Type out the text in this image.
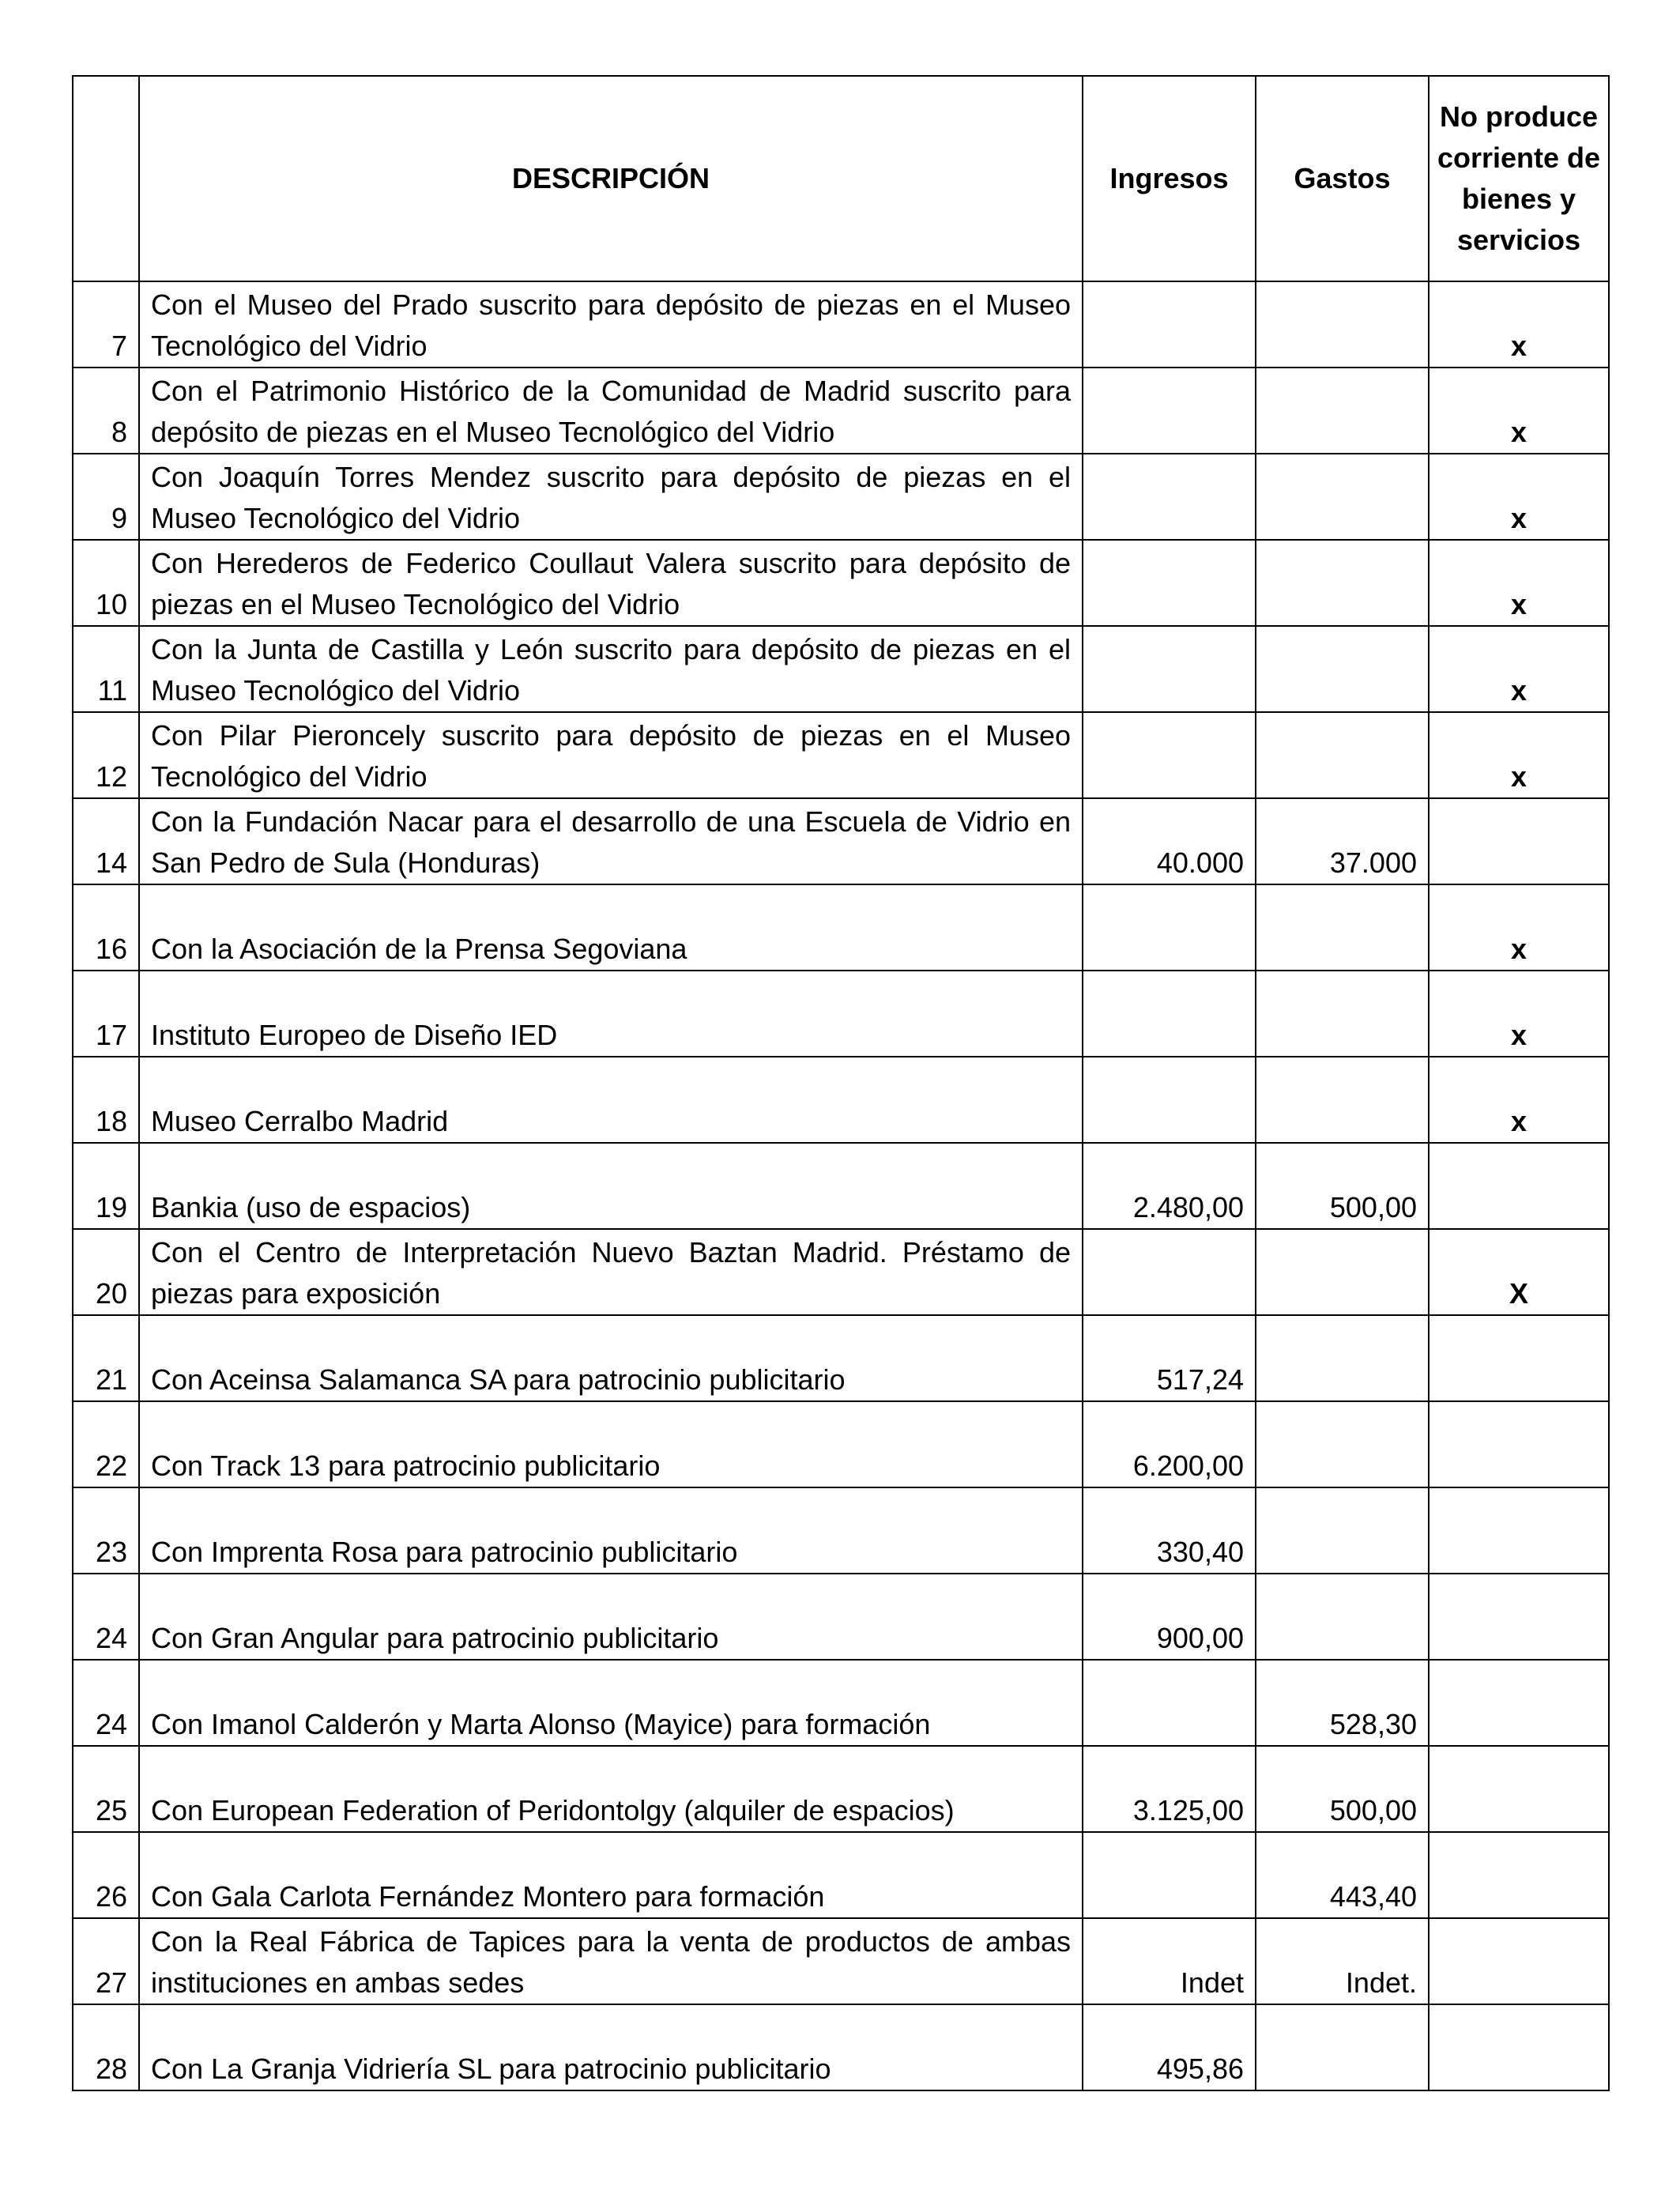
	DESCRIPCIÓN	Ingresos	Gastos	No produce corriente de bienes y servicios
7	Con el Museo del Prado suscrito para depósito de piezas en el Museo Tecnológico del Vidrio			x
8	Con el Patrimonio Histórico de la Comunidad de Madrid suscrito para depósito de piezas en el Museo Tecnológico del Vidrio			x
9	Con Joaquín Torres Mendez suscrito para depósito de piezas en el Museo Tecnológico del Vidrio			x
10	Con Herederos de Federico Coullaut Valera suscrito para depósito de piezas en el Museo Tecnológico del Vidrio			x
11	Con la Junta de Castilla y León suscrito para depósito de piezas en el Museo Tecnológico del Vidrio			x
12	Con Pilar Pieroncely suscrito para depósito de piezas en el Museo Tecnológico del Vidrio			x
14	Con la Fundación Nacar para el desarrollo de una Escuela de Vidrio en San Pedro de Sula (Honduras)	40.000	37.000	
16	Con la Asociación de la Prensa Segoviana			x
17	Instituto Europeo de Diseño IED			x
18	Museo Cerralbo Madrid			x
19	Bankia (uso de espacios)	2.480,00	500,00	
20	Con el Centro de Interpretación Nuevo Baztan Madrid. Préstamo de piezas para exposición			X
21	Con Aceinsa Salamanca SA para patrocinio publicitario	517,24		
22	Con Track 13 para patrocinio publicitario	6.200,00		
23	Con Imprenta Rosa para patrocinio publicitario	330,40		
24	Con Gran Angular para patrocinio publicitario	900,00		
24	Con Imanol Calderón y Marta Alonso (Mayice) para formación		528,30	
25	Con European Federation of Peridontolgy (alquiler de espacios)	3.125,00	500,00	
26	Con Gala Carlota Fernández Montero para formación		443,40	
27	Con la Real Fábrica de Tapices para la venta de productos de ambas instituciones en ambas sedes	Indet	Indet.	
28	Con La Granja Vidriería SL para patrocinio publicitario	495,86		
